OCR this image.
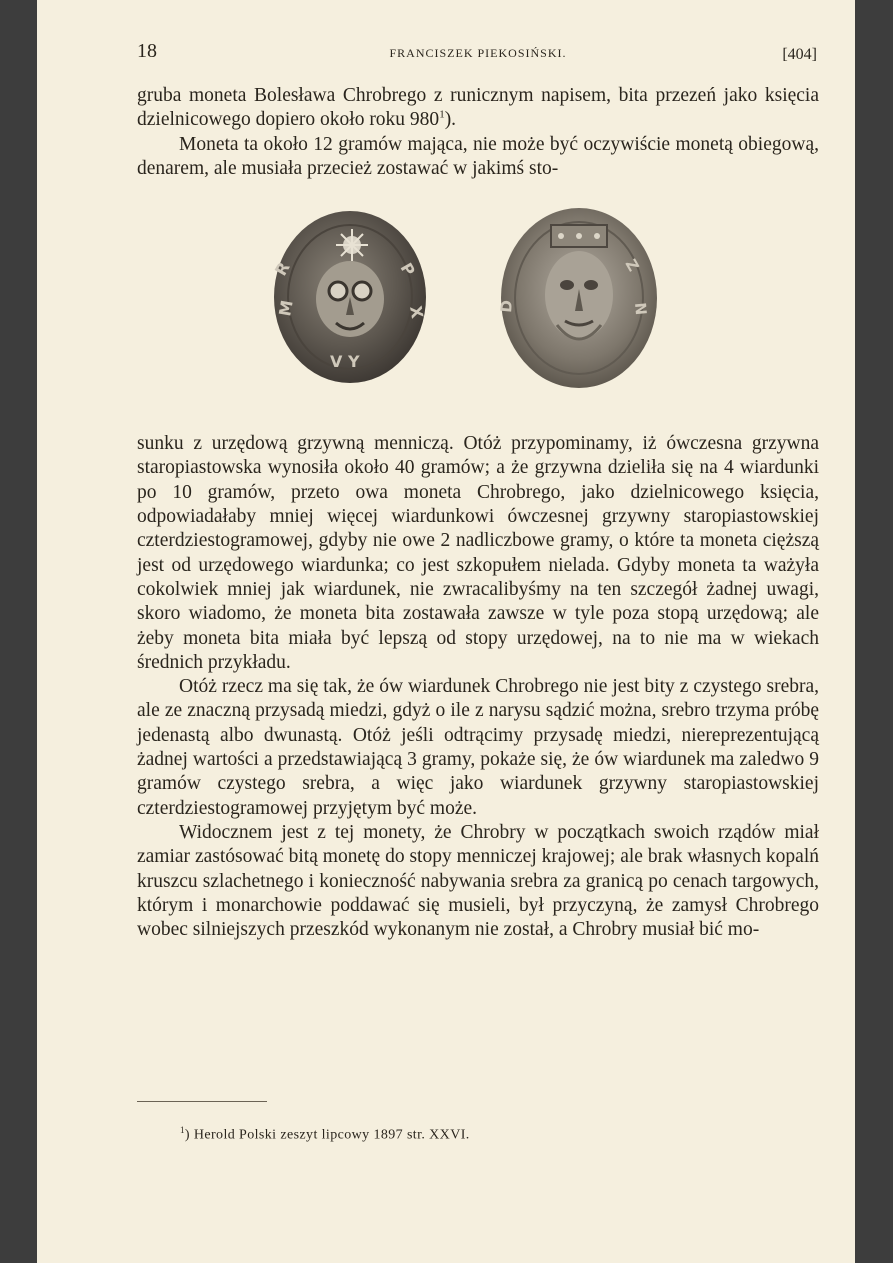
18	FRANCISZEK PIEKOSIŃSKI.	[404]

gruba moneta Bolesława Chrobrego z runicznym napisem, bita przezeń jako księcia dzielnicowego dopiero około roku $980^1$).

Moneta ta około 12 gramów mająca, nie może być oczywiście monetą obiegową, denarem, ale musiała przecież zostawać w jakimś sto-

R
M
P
X
V Y
Z
N
D

sunku z urzędową grzywną menniczą. Otóż przypominamy, iż ówczesna grzywna staropiastowska wynosiła około 40 gramów; a że grzywna dzieliła się na 4 wiardunki po 10 gramów, przeto owa moneta Chrobrego, jako dzielnicowego księcia, odpowiadałaby mniej więcej wiardunkowi ówczesnej grzywny staropiastowskiej czterdziestogramowej, gdyby nie owe 2 nadliczbowe gramy, o które ta moneta cięższą jest od urzędowego wiardunka; co jest szkopułem nielada. Gdyby moneta ta ważyła cokolwiek mniej jak wiardunek, nie zwracalibyśmy na ten szczegół żadnej uwagi, skoro wiadomo, że moneta bita zostawała zawsze w tyle poza stopą urzędową; ale żeby moneta bita miała być lepszą od stopy urzędowej, na to nie ma w wiekach średnich przykładu.

Otóż rzecz ma się tak, że ów wiardunek Chrobrego nie jest bity z czystego srebra, ale ze znaczną przysadą miedzi, gdyż o ile z narysu sądzić można, srebro trzyma próbę jedenastą albo dwunastą. Otóż jeśli odtrącimy przysadę miedzi, niereprezentującą żadnej wartości a przedstawiającą 3 gramy, pokaże się, że ów wiardunek ma zaledwo 9 gramów czystego srebra, a więc jako wiardunek grzywny staropiastowskiej czterdziestogramowej przyjętym być może.

Widocznem jest z tej monety, że Chrobry w początkach swoich rządów miał zamiar zastósować bitą monetę do stopy menniczej krajowej; ale brak własnych kopalń kruszcu szlachetnego i konieczność nabywania srebra za granicą po cenach targowych, którym i monarchowie poddawać się musieli, był przyczyną, że zamysł Chrobrego wobec silniejszych przeszkód wykonanym nie został, a Chrobry musiał bić mo-

$^1$) Herold Polski zeszyt lipcowy 1897 str. XXVI.
